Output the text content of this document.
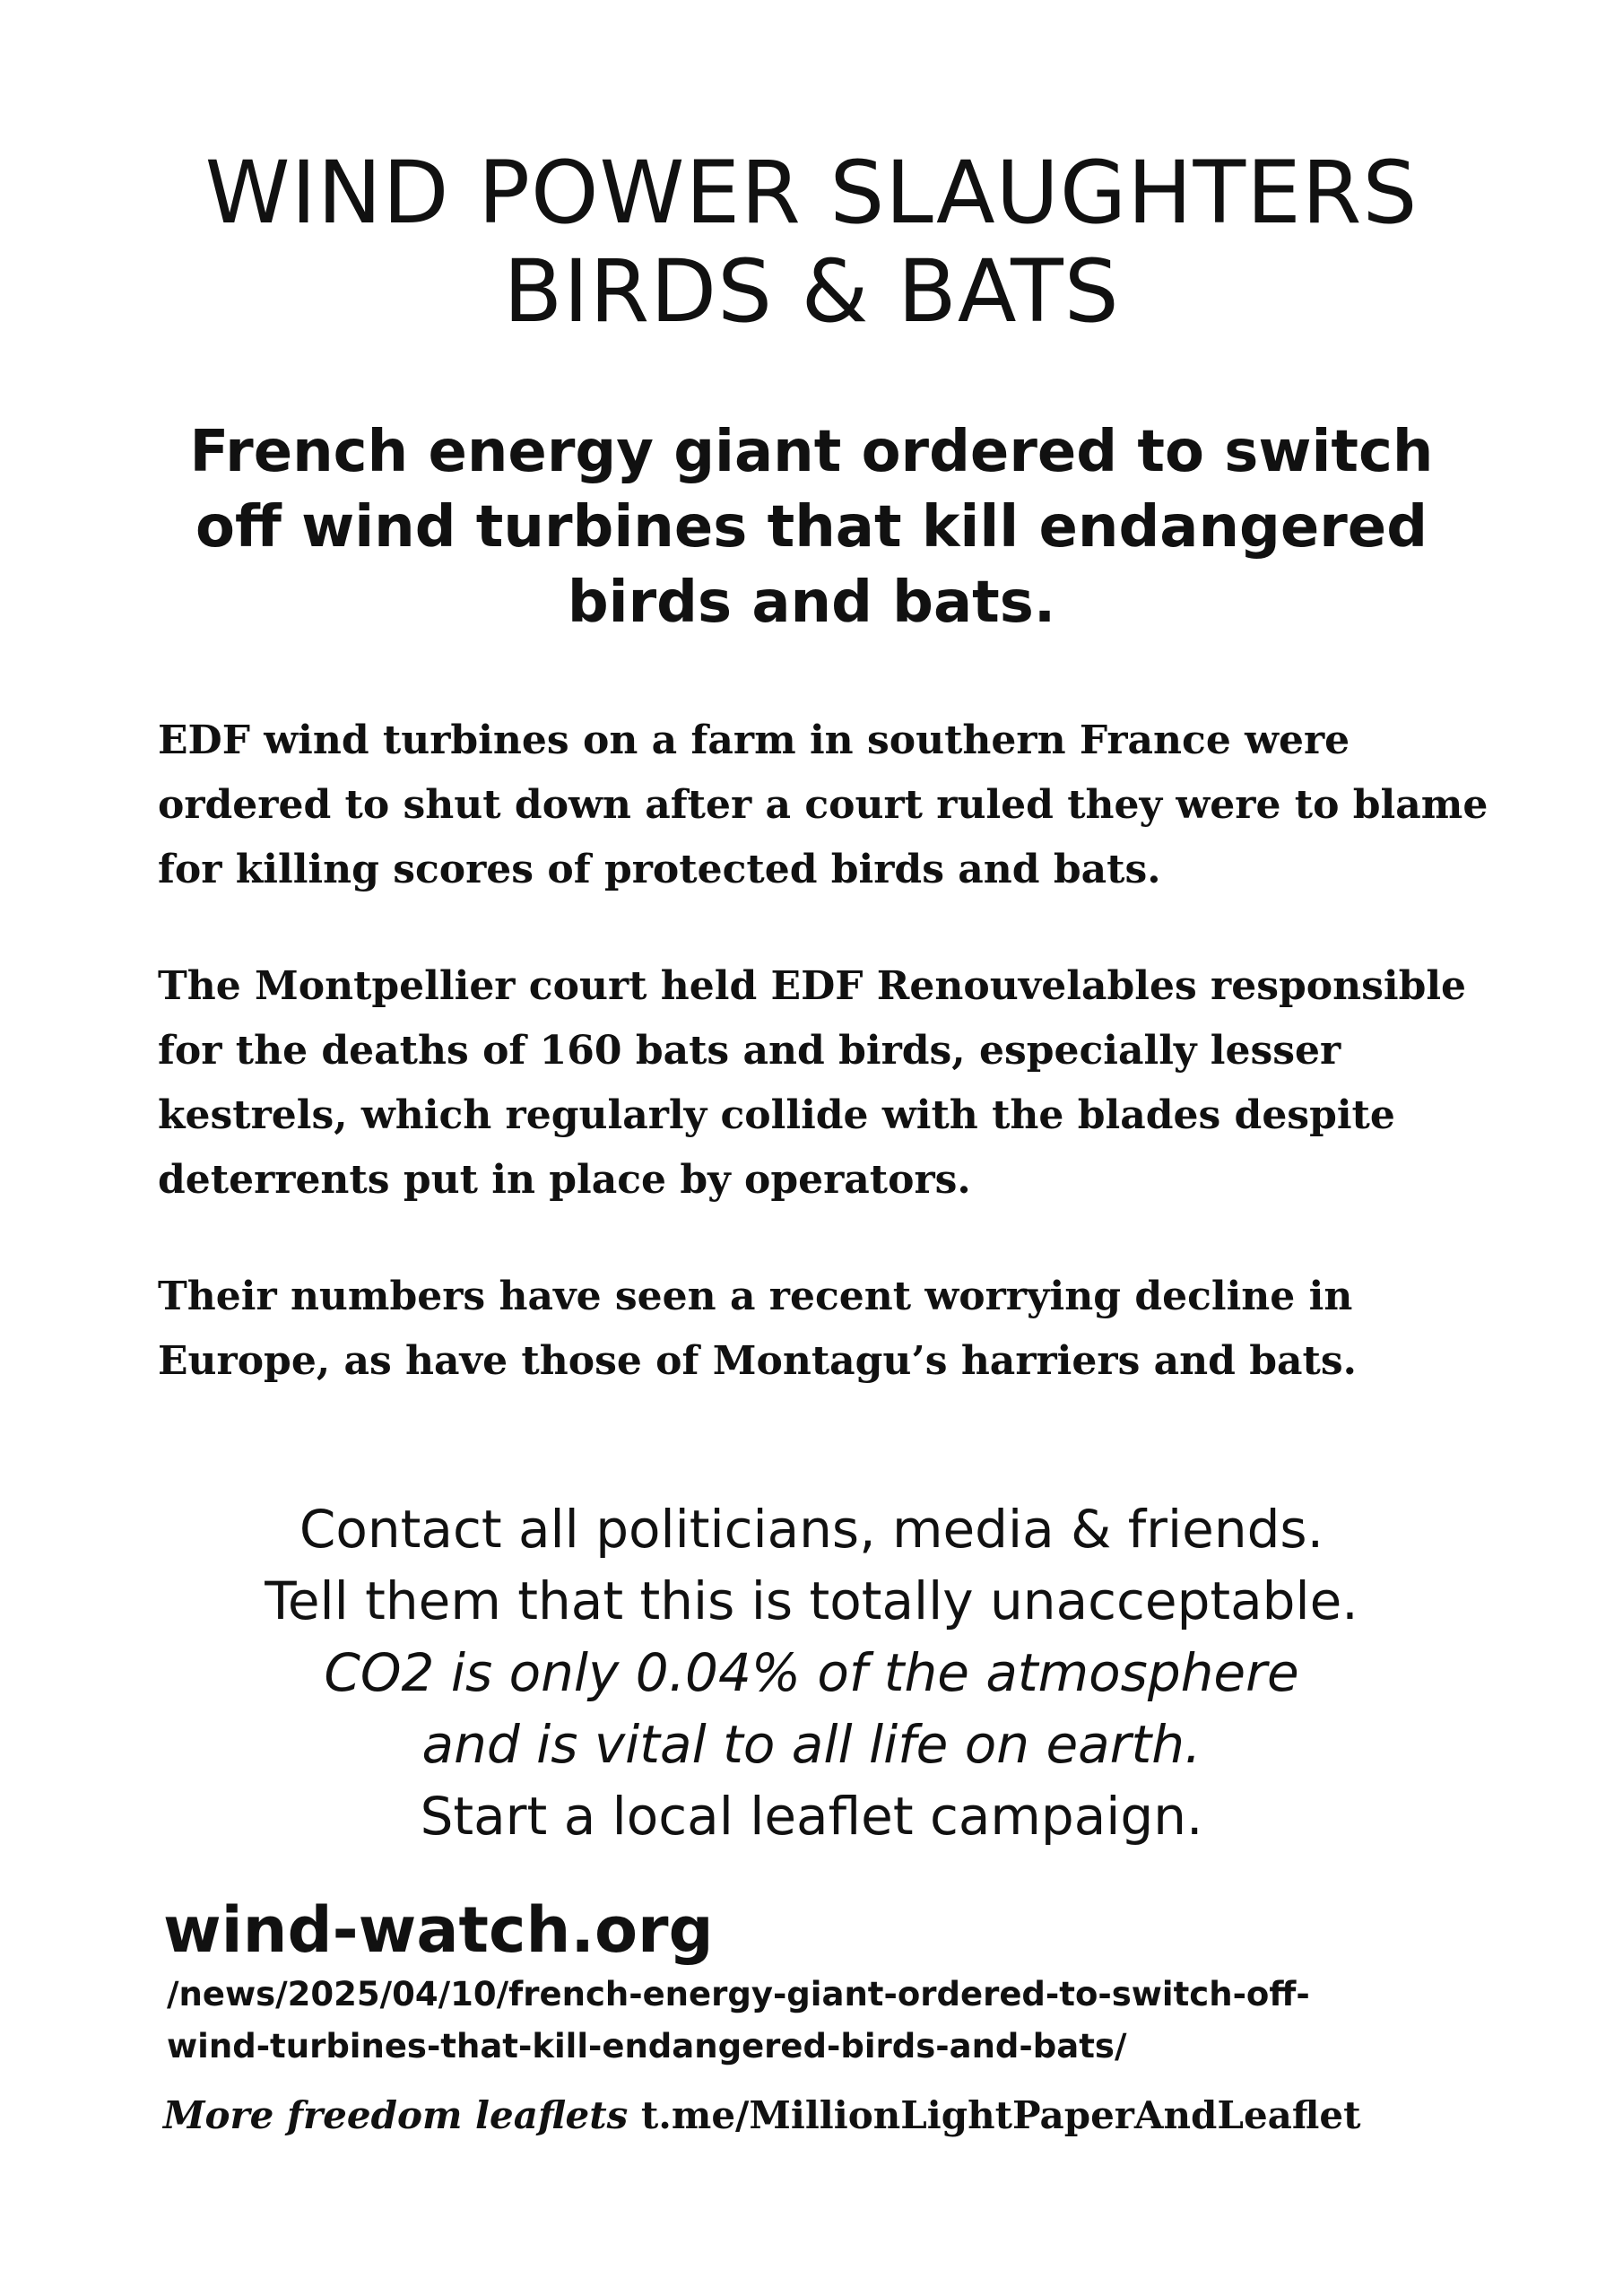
WIND POWER SLAUGHTERS
BIRDS & BATS
French energy giant ordered to switch
off wind turbines that kill endangered
birds and bats.

EDF wind turbines on a farm in southern France were ordered to shut down after a court ruled they were to blame for killing scores of protected birds and bats.

The Montpellier court held EDF Renouvelables responsible for the deaths of 160 bats and birds, especially lesser kestrels, which regularly collide with the blades despite deterrents put in place by operators.

Their numbers have seen a recent worrying decline in Europe, as have those of Montagu’s harriers and bats.

Contact all politicians, media & friends.
Tell them that this is totally unacceptable.
CO2 is only 0.04% of the atmosphere
and is vital to all life on earth.
Start a local leaflet campaign.
wind-watch.org
/news/2025/04/10/french-energy-giant-ordered-to-switch-off-
wind-turbines-that-kill-endangered-birds-and-bats/
More freedom leaflets t.me/MillionLightPaperAndLeaflet
